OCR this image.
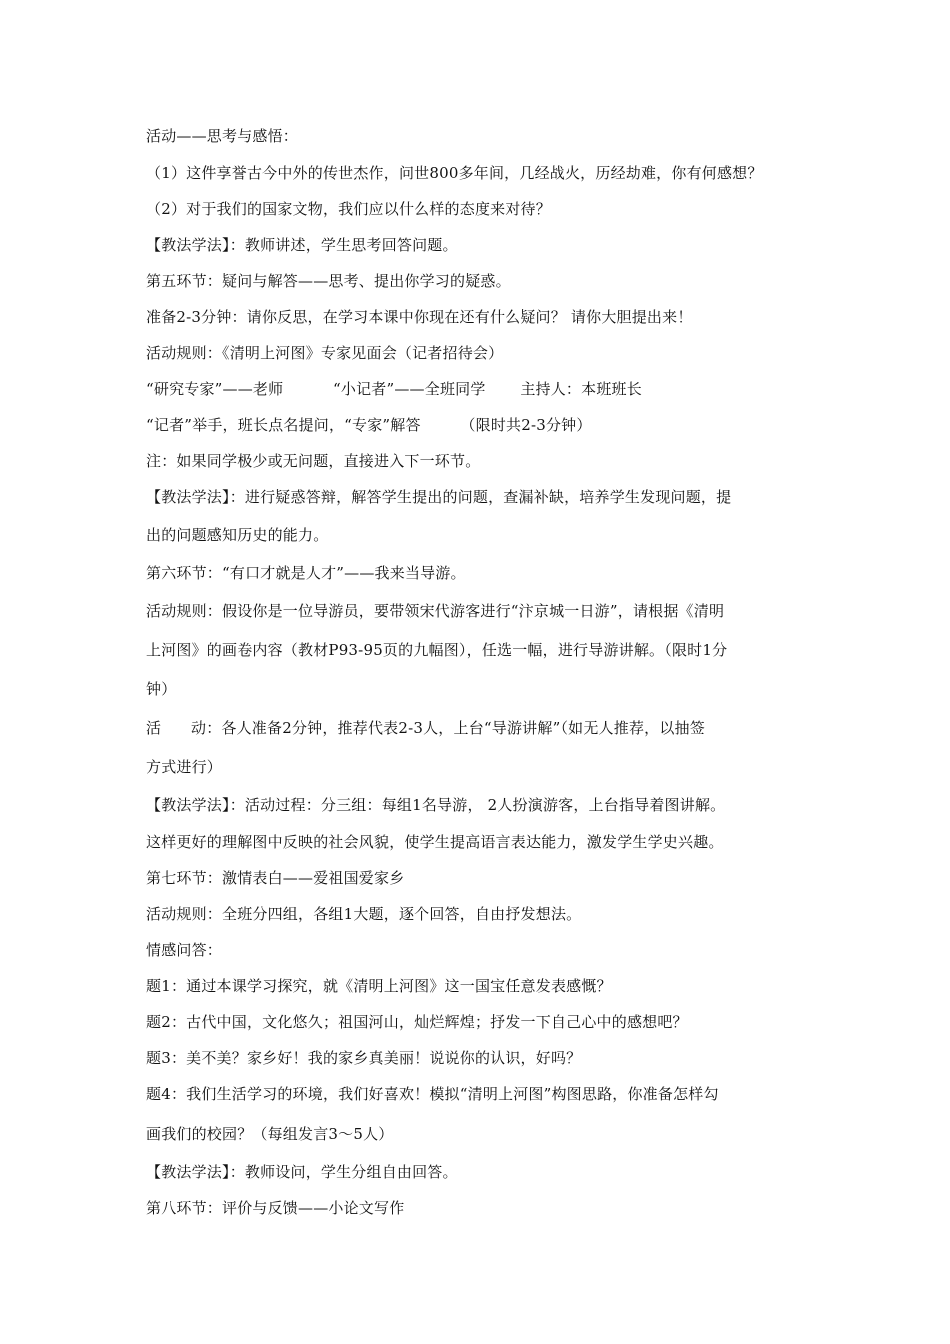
活动——思考与感悟：
（1）这件享誉古今中外的传世杰作，问世800多年间，几经战火，历经劫难，你有何感想？
（2）对于我们的国家文物，我们应以什么样的态度来对待？
【教法学法】：教师讲述，学生思考回答问题。
第五环节：疑问与解答——思考、提出你学习的疑惑。
准备2-3分钟：请你反思，在学习本课中你现在还有什么疑问？ 请你大胆提出来！
活动规则：《清明上河图》专家见面会（记者招待会）
“研究专家”——老师          “小记者”——全班同学       主持人：本班班长
“记者”举手，班长点名提问，“专家”解答        （限时共2-3分钟）
注：如果同学极少或无问题，直接进入下一环节。
【教法学法】：进行疑惑答辩，解答学生提出的问题，查漏补缺，培养学生发现问题，提
出的问题感知历史的能力。
第六环节：“有口才就是人才”——我来当导游。
活动规则：假设你是一位导游员，要带领宋代游客进行“汴京城一日游”，请根据《清明
上河图》的画卷内容（教材P93-95页的九幅图），任选一幅，进行导游讲解。（限时1分
钟）
活      动：各人准备2分钟，推荐代表2-3人，上台“导游讲解”（如无人推荐，以抽签
方式进行）
【教法学法】：活动过程：分三组：每组1名导游， 2人扮演游客，上台指导着图讲解。
这样更好的理解图中反映的社会风貌，使学生提高语言表达能力，激发学生学史兴趣。
第七环节：激情表白——爱祖国爱家乡
活动规则：全班分四组，各组1大题，逐个回答，自由抒发想法。
情感问答：
题1：通过本课学习探究，就《清明上河图》这一国宝任意发表感慨？
题2：古代中国，文化悠久；祖国河山，灿烂辉煌；抒发一下自己心中的感想吧？
题3：美不美？家乡好！我的家乡真美丽！说说你的认识，好吗？
题4：我们生活学习的环境，我们好喜欢！模拟“清明上河图”构图思路，你准备怎样勾
画我们的校园？（每组发言3～5人）
【教法学法】：教师设问，学生分组自由回答。
第八环节：评价与反馈——小论文写作
